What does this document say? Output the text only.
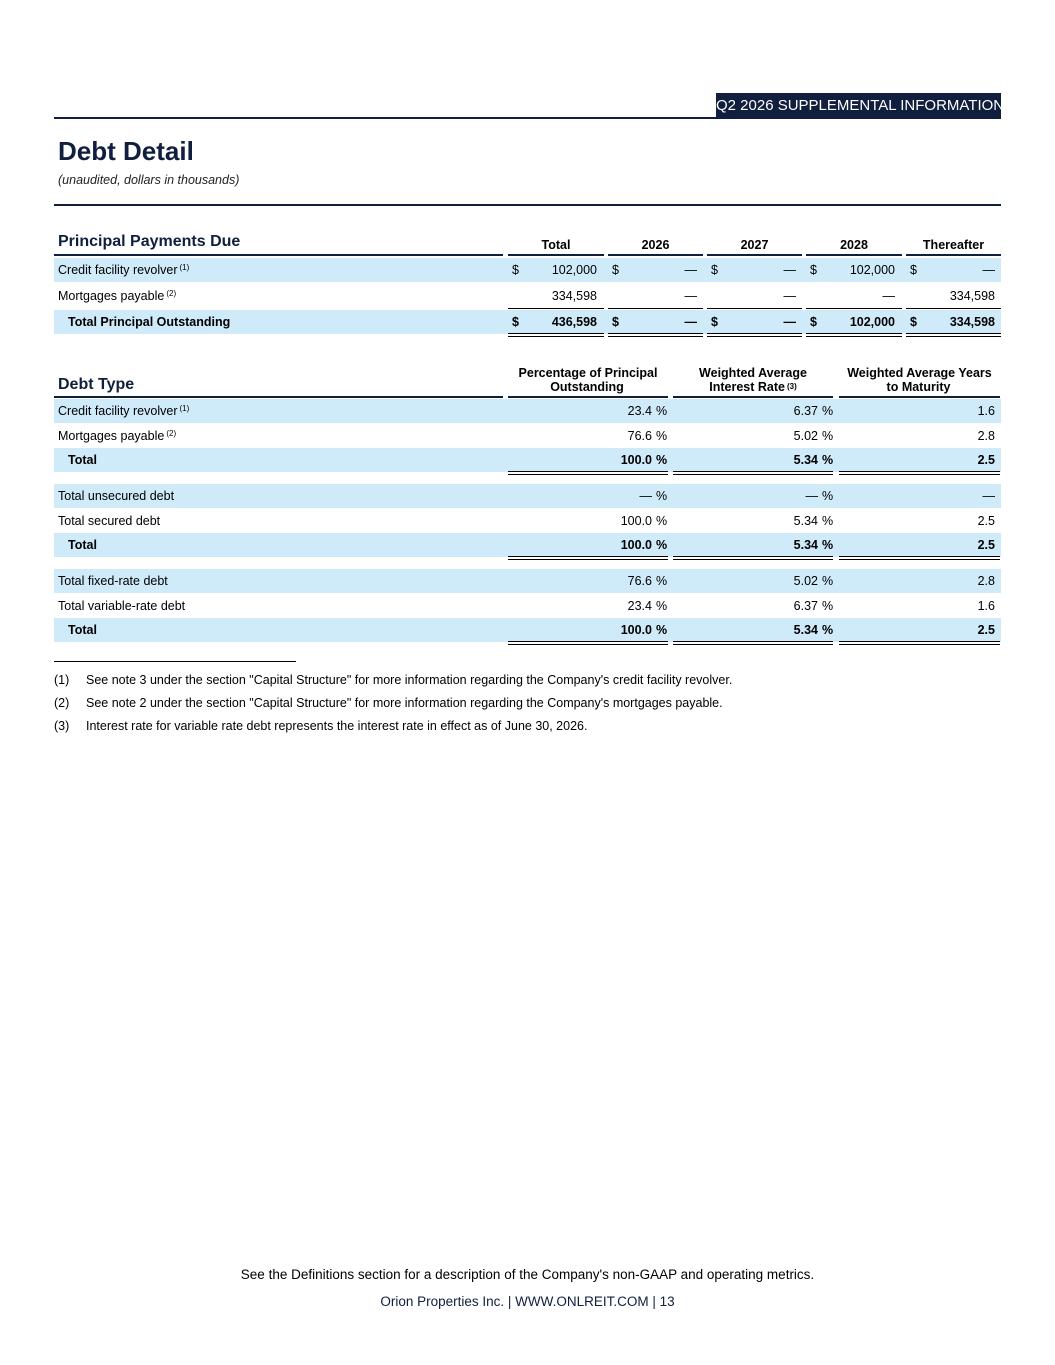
Q2 2026 SUPPLEMENTAL INFORMATION
Debt Detail
(unaudited, dollars in thousands)
Principal Payments Due	Total	2026	2027	2028	Thereafter
Credit facility revolver $^{(1)}$	$	102,000 $	— $	— $	102,000 $	—
Mortgages payable $^{(2)}$	334,598	—	—	—	334,598
Total Principal Outstanding	$	436,598 $	— $	— $	102,000 $	334,598
Debt Type
Percentage of Principal
Outstanding
Weighted Average
Interest Rate $^{(3)}$
Weighted Average Years
to Maturity
Credit facility revolver $^{(1)}$	23.4 %	6.37 %	1.6
Mortgages payable $^{(2)}$	76.6 %	5.02 %	2.8
Total	100.0 %	5.34 %	2.5
Total unsecured debt	— %	— %	—
Total secured debt	100.0 %	5.34 %	2.5
Total	100.0 %	5.34 %	2.5
Total fixed-rate debt	76.6 %	5.02 %	2.8
Total variable-rate debt	23.4 %	6.37 %	1.6
Total	100.0 %	5.34 %	2.5
(1) See note 3 under the section "Capital Structure" for more information regarding the Company's credit facility revolver.
(2) See note 2 under the section "Capital Structure" for more information regarding the Company's mortgages payable.
(3) Interest rate for variable rate debt represents the interest rate in effect as of June 30, 2026.
See the Definitions section for a description of the Company's non-GAAP and operating metrics.
Orion Properties Inc. | WWW.ONLREIT.COM | 13
